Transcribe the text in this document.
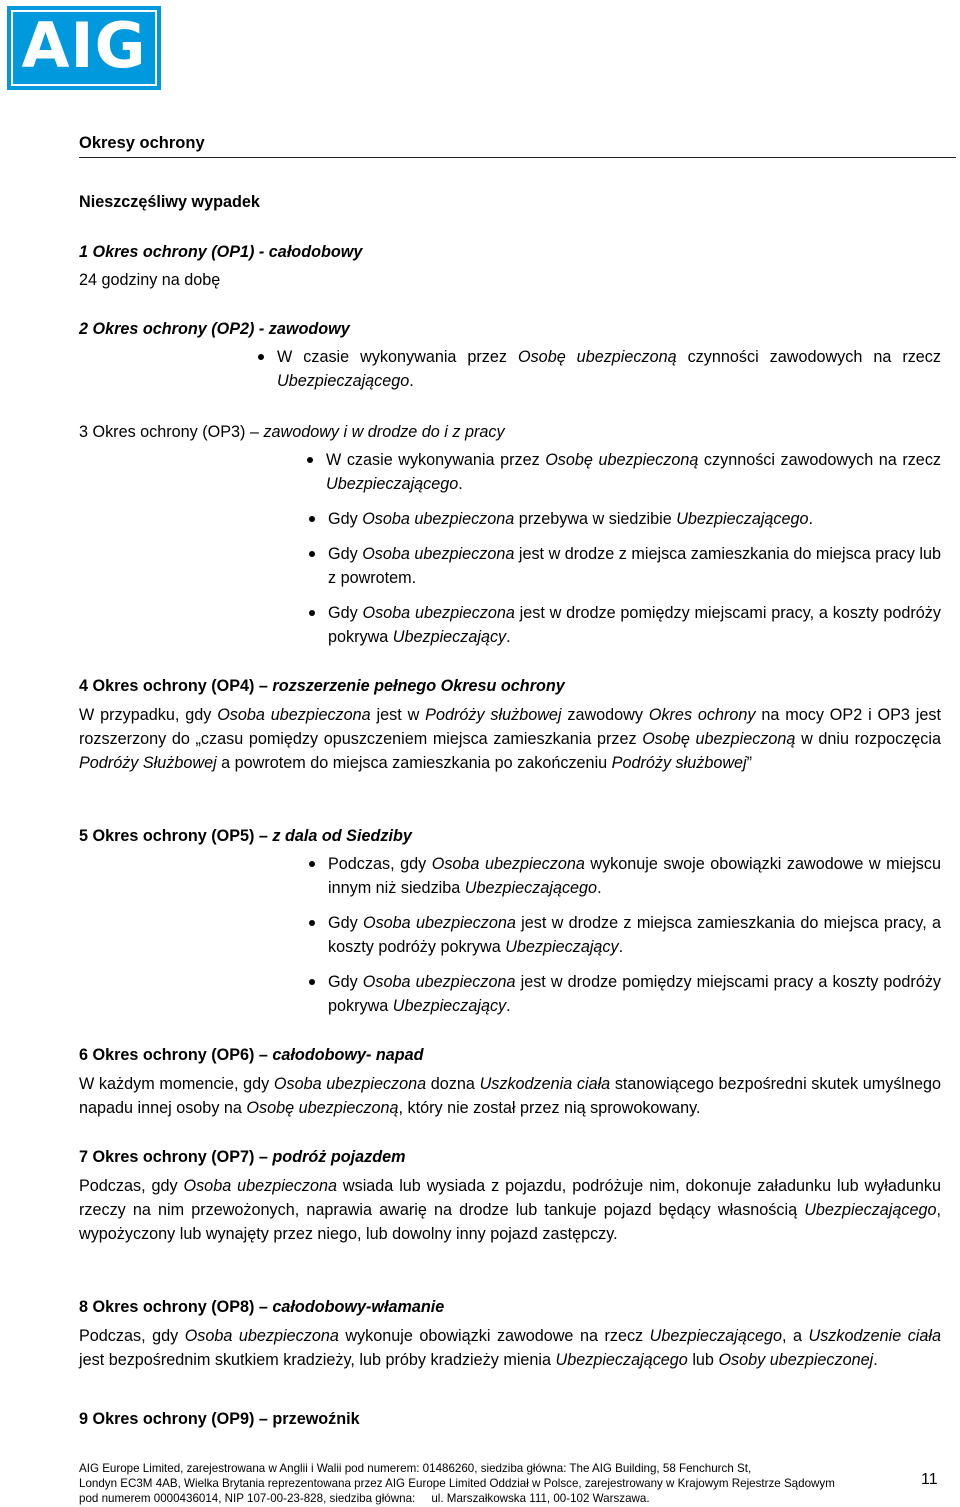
AIG

Okresy ochrony

Nieszczęśliwy wypadek

1 Okres ochrony (OP1) - całodobowy

24 godziny na dobę

2 Okres ochrony (OP2) - zawodowy

W czasie wykonywania przez Osobę ubezpieczoną czynności zawodowych na rzecz Ubezpieczającego.

3 Okres ochrony (OP3) – zawodowy i w drodze do i z pracy

W czasie wykonywania przez Osobę ubezpieczoną czynności zawodowych na rzecz Ubezpieczającego.

Gdy Osoba ubezpieczona przebywa w siedzibie Ubezpieczającego.

Gdy Osoba ubezpieczona jest w drodze z miejsca zamieszkania do miejsca pracy lub z powrotem.

Gdy Osoba ubezpieczona jest w drodze pomiędzy miejscami pracy, a koszty podróży pokrywa Ubezpieczający.

4 Okres ochrony (OP4) – rozszerzenie pełnego Okresu ochrony

W przypadku, gdy Osoba ubezpieczona jest w Podróży służbowej zawodowy Okres ochrony na mocy OP2 i OP3 jest rozszerzony do „czasu pomiędzy opuszczeniem miejsca zamieszkania przez Osobę ubezpieczoną w dniu rozpoczęcia Podróży Służbowej a powrotem do miejsca zamieszkania po zakończeniu Podróży służbowej”

5 Okres ochrony (OP5) – z dala od Siedziby

Podczas, gdy Osoba ubezpieczona wykonuje swoje obowiązki zawodowe w miejscu innym niż siedziba Ubezpieczającego.

Gdy Osoba ubezpieczona jest w drodze z miejsca zamieszkania do miejsca pracy, a koszty podróży pokrywa Ubezpieczający.

Gdy Osoba ubezpieczona jest w drodze pomiędzy miejscami pracy a koszty podróży pokrywa Ubezpieczający.

6 Okres ochrony (OP6) – całodobowy- napad

W każdym momencie, gdy Osoba ubezpieczona doznа Uszkodzenia ciała stanowiącego bezpośredni skutek umyślnego napadu innej osoby na Osobę ubezpieczoną, który nie został przez nią sprowokowany.

7 Okres ochrony (OP7) – podróż pojazdem

Podczas, gdy Osoba ubezpieczona wsiada lub wysiada z pojazdu, podróżuje nim, dokonuje załadunku lub wyładunku rzeczy na nim przewożonych, naprawia awarię na drodze lub tankuje pojazd będący własnością Ubezpieczającego, wypożyczony lub wynajęty przez niego, lub dowolny inny pojazd zastępczy.

8 Okres ochrony (OP8) – całodobowy-włamanie

Podczas, gdy Osoba ubezpieczona wykonuje obowiązki zawodowe na rzecz Ubezpieczającego, a Uszkodzenie ciała jest bezpośrednim skutkiem kradzieży, lub próby kradzieży mienia Ubezpieczającego lub Osoby ubezpieczonej.

9 Okres ochrony (OP9) – przewoźnik

AIG Europe Limited, zarejestrowana w Anglii i Walii pod numerem: 01486260, siedziba główna: The AIG Building, 58 Fenchurch St,
Londyn EC3M 4AB, Wielka Brytania reprezentowana przez AIG Europe Limited Oddział w Polsce, zarejestrowany w Krajowym Rejestrze Sądowym
pod numerem 0000436014, NIP 107-00-23-828, siedziba główna:     ul. Marszałkowska 111, 00-102 Warszawa.
11
